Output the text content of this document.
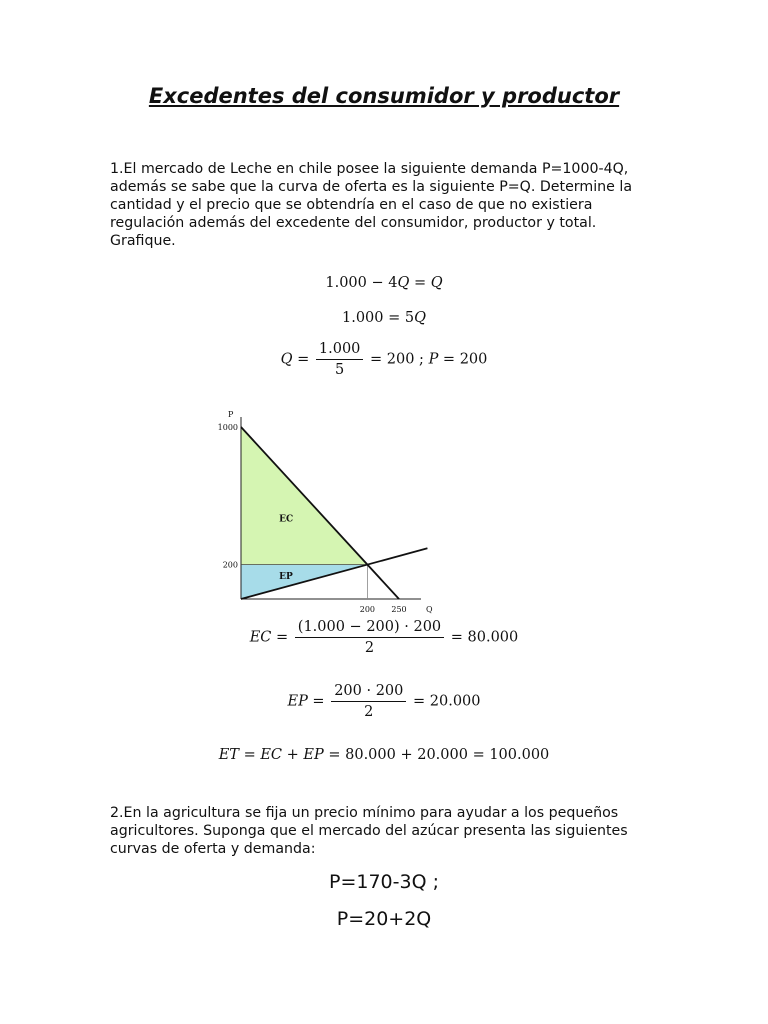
Excedentes del consumidor y productor

1.El mercado de Leche en chile posee la siguiente demanda P=1000-4Q,
además se sabe que la curva de oferta es la siguiente P=Q. Determine la
cantidad y el precio que se obtendría en el caso de que no existiera
regulación además del excedente del consumidor, productor y total.
Grafique.

1.000 − 4Q = Q
1.000 = 5Q
$Q = \frac{1.000}{5} = 200$ ; P = 200
EC
EP
1000
200
200 250
P
Q
EC = $\frac{(1.000 - 200) \cdot 200}{2} = 80.000$
EP = $\frac{200 \cdot 200}{2} = 20.000$
ET = EC + EP = 80.000 + 20.000 = 100.000

2.En la agricultura se fija un precio mínimo para ayudar a los pequeños
agricultores. Suponga que el mercado del azúcar presenta las siguientes
curvas de oferta y demanda:

P=170-3Q ;
P=20+2Q
